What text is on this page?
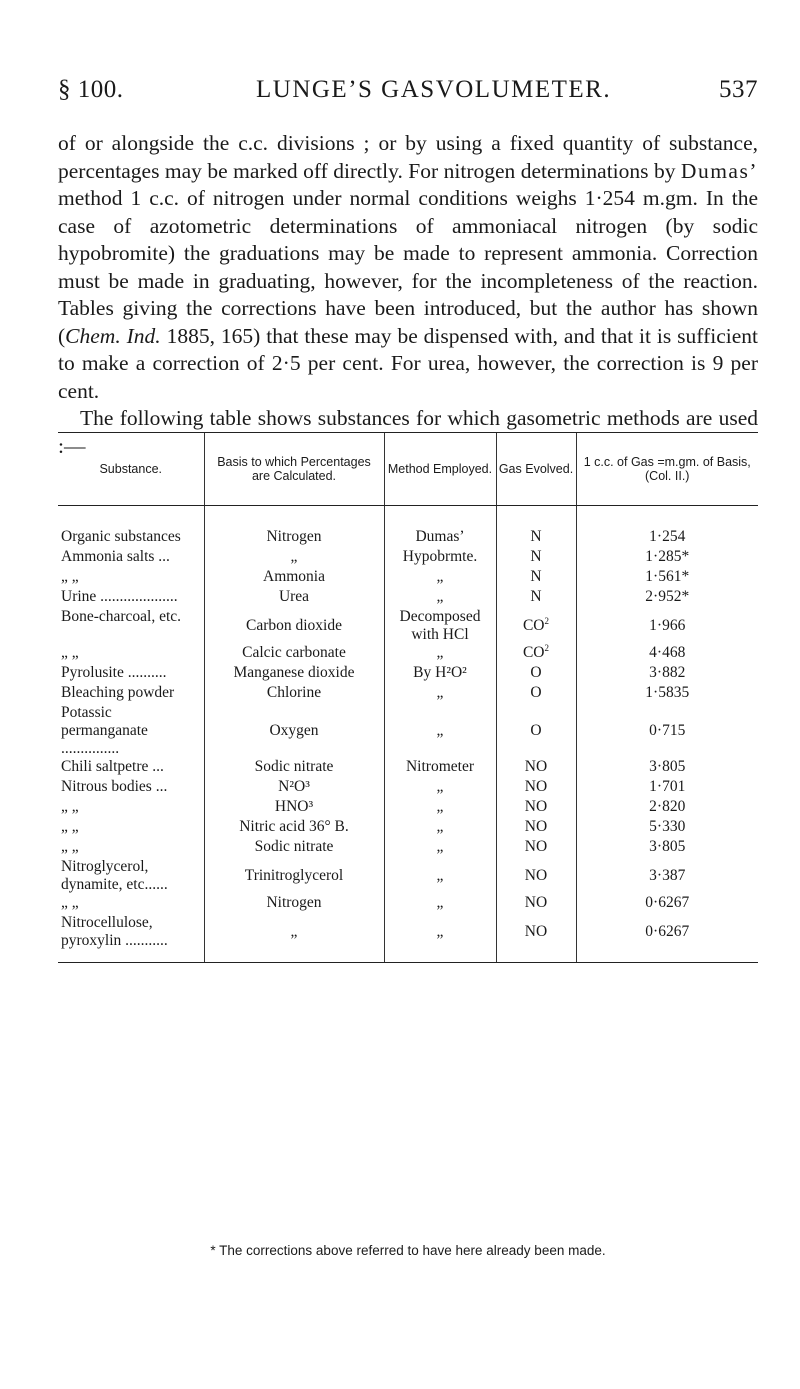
§ 100.	LUNGE’S GASVOLUMETER.	537

of or alongside the c.c. divisions ; or by using a fixed quantity of substance, percentages may be marked off directly. For nitrogen determinations by Dumas’ method 1 c.c. of nitrogen under normal conditions weighs 1·254 m.gm. In the case of azotometric determinations of ammoniacal nitrogen (by sodic hypobromite) the graduations may be made to represent ammonia. Correction must be made in graduating, however, for the incompleteness of the reaction. Tables giving the corrections have been introduced, but the author has shown (Chem. Ind. 1885, 165) that these may be dispensed with, and that it is sufficient to make a correction of 2·5 per cent. For urea, however, the correction is 9 per cent.

The following table shows substances for which gasometric methods are used :—

Substance.	Basis to which Percentages are Calculated.	Method Employed.	Gas Evolved.	1 c.c. of Gas =m.gm. of Basis, (Col. II.)
Organic substances	Nitrogen	Dumas’	N	1·254
Ammonia salts ...	„	Hypobrmte.	N	1·285*
„ „	Ammonia	„	N	1·561*
Urine ....................	Urea	„	N	2·952*
Bone-charcoal, etc.	Carbon dioxide	Decomposed with HCl	$CO^2$	1·966
„ „	Calcic carbonate	„	$CO^2$	4·468
Pyrolusite ..........	Manganese dioxide	By H²O²	O	3·882
Bleaching powder	Chlorine	„	O	1·5835
Potassic permanganate ...............	Oxygen	„	O	0·715
Chili saltpetre ...	Sodic nitrate	Nitrometer	NO	3·805
Nitrous bodies ...	N²O³	„	NO	1·701
„ „	HNO³	„	NO	2·820
„ „	Nitric acid 36° B.	„	NO	5·330
„ „	Sodic nitrate	„	NO	3·805
Nitroglycerol, dynamite, etc......	Trinitroglycerol	„	NO	3·387
„ „	Nitrogen	„	NO	0·6267
Nitrocellulose, pyroxylin ...........	„	„	NO	0·6267
* The corrections above referred to have here already been made.
